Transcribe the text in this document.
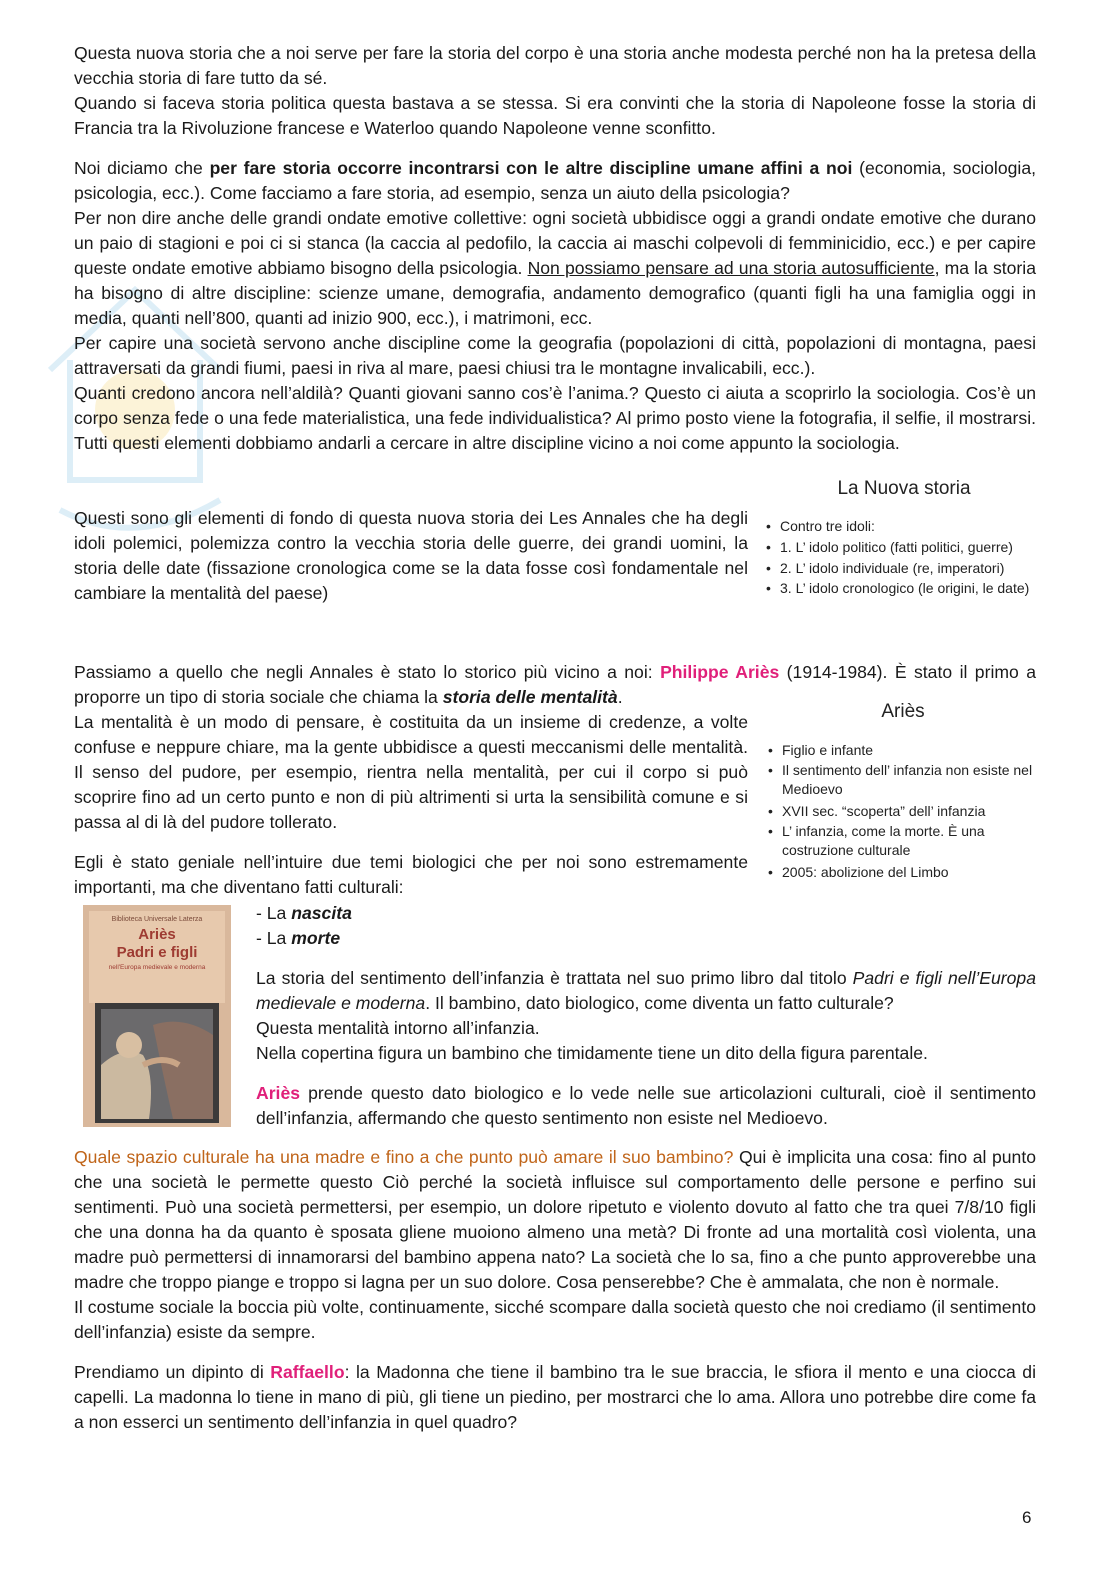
Questa nuova storia che a noi serve per fare la storia del corpo è una storia anche modesta perché non ha la pretesa della vecchia storia di fare tutto da sé.

Quando si faceva storia politica questa bastava a se stessa. Si era convinti che la storia di Napoleone fosse la storia di Francia tra la Rivoluzione francese e Waterloo quando Napoleone venne sconfitto.

Noi diciamo che per fare storia occorre incontrarsi con le altre discipline umane affini a noi (economia, sociologia, psicologia, ecc.). Come facciamo a fare storia, ad esempio, senza un aiuto della psicologia?

Per non dire anche delle grandi ondate emotive collettive: ogni società ubbidisce oggi a grandi ondate emotive che durano un paio di stagioni e poi ci si stanca (la caccia al pedofilo, la caccia ai maschi colpevoli di femminicidio, ecc.) e per capire queste ondate emotive abbiamo bisogno della psicologia. Non possiamo pensare ad una storia autosufficiente, ma la storia ha bisogno di altre discipline: scienze umane, demografia, andamento demografico (quanti figli ha una famiglia oggi in media, quanti nell’800, quanti ad inizio 900, ecc.), i matrimoni, ecc.

Per capire una società servono anche discipline come la geografia (popolazioni di città, popolazioni di montagna, paesi attraversati da grandi fiumi, paesi in riva al mare, paesi chiusi tra le montagne invalicabili, ecc.).

Quanti credono ancora nell’aldilà? Quanti giovani sanno cos’è l’anima.? Questo ci aiuta a scoprirlo la sociologia. Cos’è un corpo senza fede o una fede materialistica, una fede individualistica? Al primo posto viene la fotografia, il selfie, il mostrarsi. Tutti questi elementi dobbiamo andarli a cercare in altre discipline vicino a noi come appunto la sociologia.

Questi sono gli elementi di fondo di questa nuova storia dei Les Annales che ha degli idoli polemici, polemizza contro la vecchia storia delle guerre, dei grandi uomini, la storia delle date (fissazione cronologica come se la data fosse così fondamentale nel cambiare la mentalità del paese)

La Nuova storia
• Contro tre idoli:
• 1. L’ idolo politico (fatti politici, guerre)
• 2. L’ idolo individuale (re, imperatori)
• 3. L’ idolo cronologico (le origini, le date)

Passiamo a quello che negli Annales è stato lo storico più vicino a noi: Philippe Ariès (1914-1984). È stato il primo a proporre un tipo di storia sociale che chiama la storia delle mentalità.

La mentalità è un modo di pensare, è costituita da un insieme di credenze, a volte confuse e neppure chiare, ma la gente ubbidisce a questi meccanismi delle mentalità. Il senso del pudore, per esempio, rientra nella mentalità, per cui il corpo si può scoprire fino ad un certo punto e non di più altrimenti si urta la sensibilità comune e si passa al di là del pudore tollerato.

Egli è stato geniale nell’intuire due temi biologici che per noi sono estremamente importanti, ma che diventano fatti culturali:

Ariès
• Figlio e infante
• Il sentimento dell’ infanzia non esiste nel Medioevo
• XVII sec. “scoperta” dell’ infanzia
• L’ infanzia, come la morte. È una costruzione culturale
• 2005: abolizione del Limbo
Biblioteca Universale Laterza
Ariès
Padri e figli
nell'Europa medievale e moderna
- La nascita
- La morte

La storia del sentimento dell’infanzia è trattata nel suo primo libro dal titolo Padri e figli nell’Europa medievale e moderna. Il bambino, dato biologico, come diventa un fatto culturale?

Questa mentalità intorno all’infanzia.

Nella copertina figura un bambino che timidamente tiene un dito della figura parentale.

Ariès prende questo dato biologico e lo vede nelle sue articolazioni culturali, cioè il sentimento dell’infanzia, affermando che questo sentimento non esiste nel Medioevo.

Quale spazio culturale ha una madre e fino a che punto può amare il suo bambino? Qui è implicita una cosa: fino al punto che una società le permette questo Ciò perché la società influisce sul comportamento delle persone e perfino sui sentimenti. Può una società permettersi, per esempio, un dolore ripetuto e violento dovuto al fatto che tra quei 7/8/10 figli che una donna ha da quanto è sposata gliene muoiono almeno una metà? Di fronte ad una mortalità così violenta, una madre può permettersi di innamorarsi del bambino appena nato? La società che lo sa, fino a che punto approverebbe una madre che troppo piange e troppo si lagna per un suo dolore. Cosa penserebbe? Che è ammalata, che non è normale.

Il costume sociale la boccia più volte, continuamente, sicché scompare dalla società questo che noi crediamo (il sentimento dell’infanzia) esiste da sempre.

Prendiamo un dipinto di Raffaello: la Madonna che tiene il bambino tra le sue braccia, le sfiora il mento e una ciocca di capelli. La madonna lo tiene in mano di più, gli tiene un piedino, per mostrarci che lo ama. Allora uno potrebbe dire come fa a non esserci un sentimento dell’infanzia in quel quadro?

6
